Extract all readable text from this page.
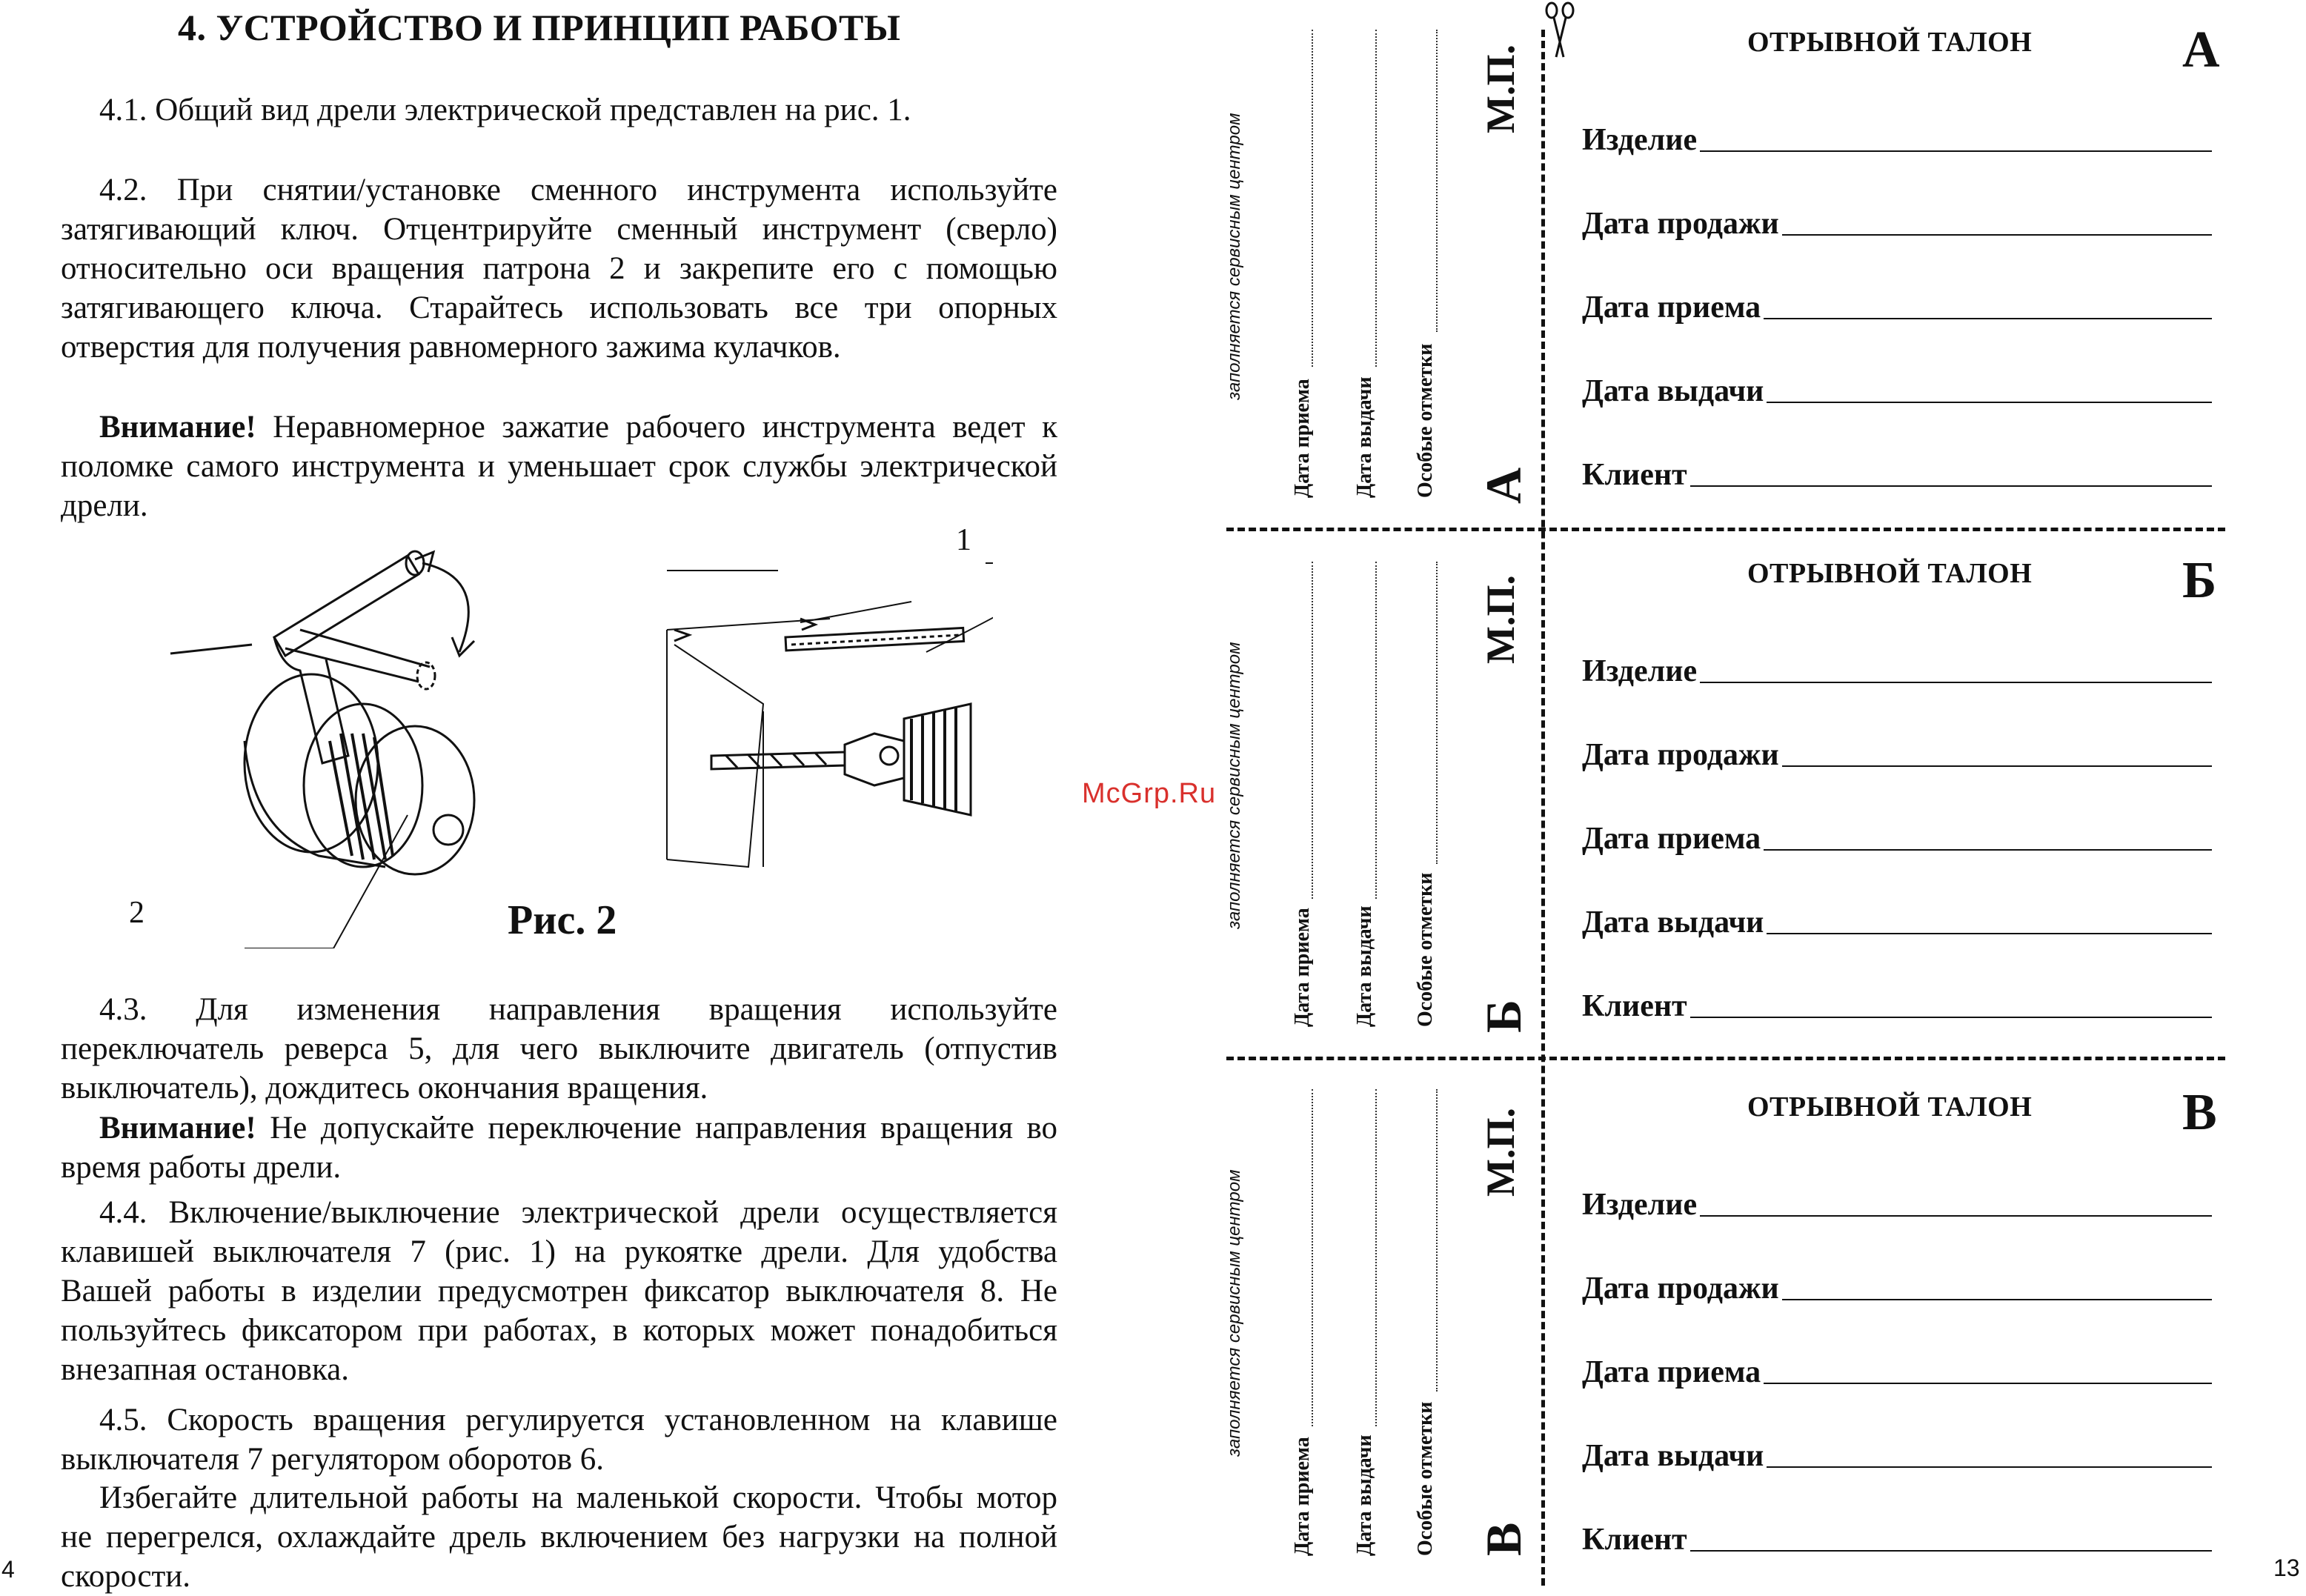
4. УСТРОЙСТВО И ПРИНЦИП РАБОТЫ
4.1. Общий вид дрели электрической представлен на рис. 1.
4.2. При снятии/установке сменного инструмента используйте затягивающий ключ. Отцентрируйте сменный инструмент (сверло) относительно оси вращения патрона 2 и закрепите его с помощью затягивающего ключа. Старайтесь использовать все три опорных отверстия для получения равномерного зажима кулачков.
Внимание! Неравномерное зажатие рабочего инструмента ведет к поломке самого инструмента и уменьшает срок службы электрической дрели.
1
2	Рис. 2
4.3. Для изменения направления вращения используйте переключатель реверса 5, для чего выключите двигатель (отпустив выключатель), дождитесь окончания вращения.
Внимание! Не допускайте переключение направления вращения во время работы дрели.
4.4. Включение/выключение электрической дрели осуществляется клавишей выключателя 7 (рис. 1) на рукоятке дрели. Для удобства Вашей работы в изделии предусмотрен фиксатор выключателя 8. Не пользуйтесь фиксатором при работах, в которых может понадобиться внезапная остановка.
4.5. Скорость вращения регулируется установленном на клавише выключателя 7 регулятором оборотов 6.
Избегайте длительной работы на маленькой скорости. Чтобы мотор не перегрелся, охлаждайте дрель включением без нагрузки на полной скорости.
4
McGrp.Ru
заполняется сервисным центром
Дата приема Дата выдачи Особые отметки
М.П.
А
заполняется сервисным центром
Дата приема Дата выдачи Особые отметки
М.П.
Б
заполняется сервисным центром
Дата приема Дата выдачи Особые отметки
М.П.
В
ОТРЫВНОЙ ТАЛОН	А
Изделие
Дата продажи
Дата приема
Дата выдачи
Клиент
ОТРЫВНОЙ ТАЛОН	Б
Изделие
Дата продажи
Дата приема
Дата выдачи
Клиент
ОТРЫВНОЙ ТАЛОН	В
Изделие
Дата продажи
Дата приема
Дата выдачи
Клиент
13
